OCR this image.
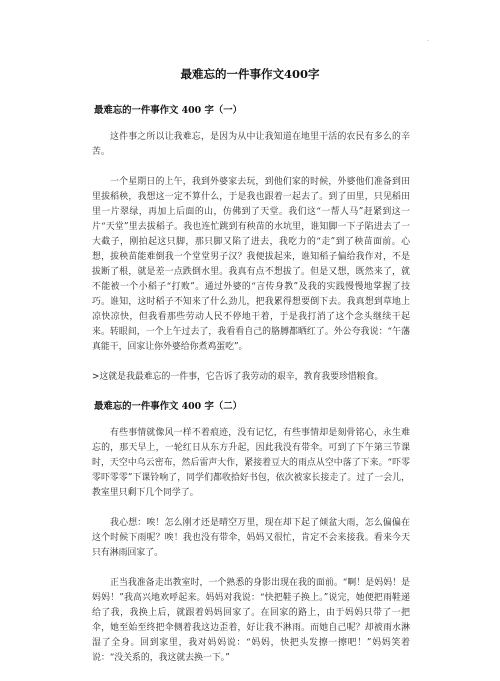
.
最难忘的一件事作文400字
最难忘的一件事作文 400 字（一）

这件事之所以让我难忘，是因为从中让我知道在地里干活的农民有多么的辛苦。

一个星期日的上午，我到外婆家去玩，到他们家的时候，外婆他们准备到田里拔稻秧，我想这一定不算什么，于是我也跟着一起去了。到了田里，只见稻田里一片翠绿，再加上后面的山，仿佛到了天堂。我们这“一帮人马”赶紧到这一片“天堂”里去拔稻子。我也连忙跳到有秧苗的水坑里，谁知脚一下子陷进去了一大截子，刚拍起这只脚，那只脚又陷了进去，我吃力的“走”到了秧苗面前。心想，拔秧苗能难倒我一个堂堂男子汉？我便拔起来，谁知稻子偏给我作对，不是拔断了根，就是差一点跌倒水里。我真有点不想拔了。但是又想，既然来了，就不能被一个小稻子“打败”。通过外婆的“言传身教”及我的实践慢慢地掌握了技巧。谁知，这时稻子不知来了什么劲儿，把我累得想要倒下去。我真想到草地上凉快凉快，但我看那些劳动人民不停地干着，于是我打消了这个念头继续干起来。转眼间，一个上午过去了，我看看自己的胳膊都晒红了。外公夸我说：“午藩真能干，回家让你外婆给你煮鸡蛋吃”。

>这就是我最难忘的一件事，它告诉了我劳动的艰辛，教育我要珍惜粮食。

最难忘的一件事作文 400 字（二）

有些事情就像风一样不着痕迹，没有记忆，有些事情却是刻骨铭心，永生难忘的，那天早上，一轮红日从东方升起，因此我没有带伞。可到了下午第三节课时，天空中乌云密布，然后雷声大作，紧接着豆大的雨点从空中落了下来。“吓零零吓零零”下课铃响了，同学们都收拾好书包，依次被家长接走了。过了一会儿，教室里只剩下几个同学了。

我心想：唉！怎么刚才还是晴空万里，现在却下起了倾盆大雨，怎么偏偏在这个时候下雨呢？唉！我也没有带伞，妈妈又很忙，肯定不会来接我。看来今天只有淋雨回家了。

正当我准备走出教室时，一个熟悉的身影出现在我的面前。“啊！是妈妈！是妈妈！”我高兴地欢呼起来。妈妈对我说：“快把鞋子换上。”说完，她便把雨鞋递给了我，我换上后，就跟着妈妈回家了。在回家的路上，由于妈妈只带了一把伞，她至始至终把伞侧着我这边歪着，好让我不淋雨。而她自己呢？却被雨水淋湿了全身。回到家里，我对妈妈说：“妈妈，快把头发擦一擦吧！”妈妈笑着说：“没关系的，我这就去换一下。”
